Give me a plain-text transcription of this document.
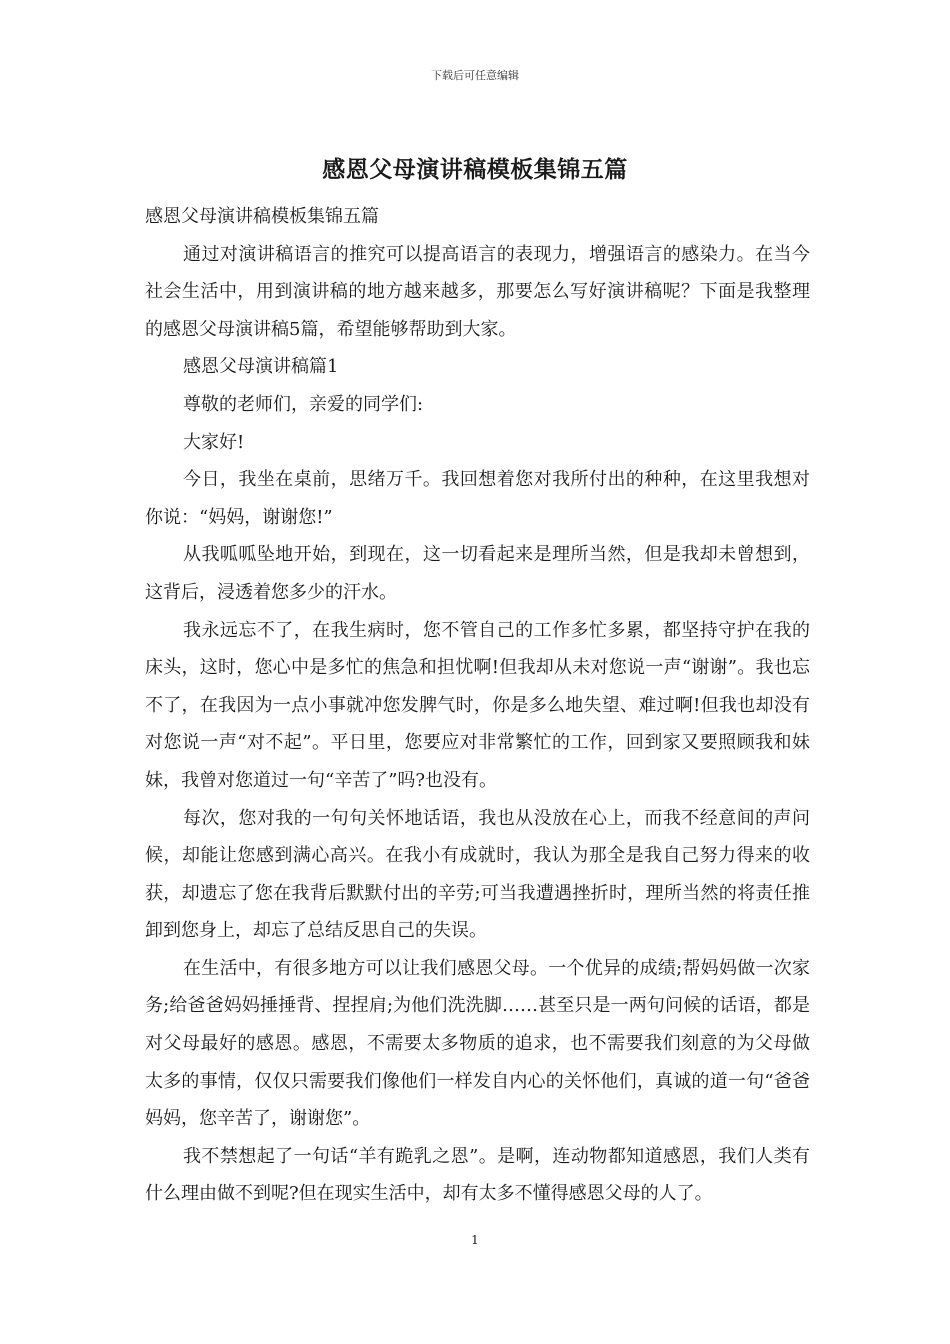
下载后可任意编辑
感恩父母演讲稿模板集锦五篇

感恩父母演讲稿模板集锦五篇

通过对演讲稿语言的推究可以提高语言的表现力，增强语言的感染力。在当今社会生活中，用到演讲稿的地方越来越多，那要怎么写好演讲稿呢？下面是我整理的感恩父母演讲稿5篇，希望能够帮助到大家。

感恩父母演讲稿篇1

尊敬的老师们，亲爱的同学们:

大家好!

今日，我坐在桌前，思绪万千。我回想着您对我所付出的种种，在这里我想对你说：“妈妈，谢谢您!”

从我呱呱坠地开始，到现在，这一切看起来是理所当然，但是我却未曾想到，这背后，浸透着您多少的汗水。

我永远忘不了，在我生病时，您不管自己的工作多忙多累，都坚持守护在我的床头，这时，您心中是多忙的焦急和担忧啊!但我却从未对您说一声“谢谢”。我也忘不了，在我因为一点小事就冲您发脾气时，你是多么地失望、难过啊!但我也却没有对您说一声“对不起”。平日里，您要应对非常繁忙的工作，回到家又要照顾我和妹妹，我曾对您道过一句“辛苦了”吗?也没有。

每次，您对我的一句句关怀地话语，我也从没放在心上，而我不经意间的声问候，却能让您感到满心高兴。在我小有成就时，我认为那全是我自己努力得来的收获，却遗忘了您在我背后默默付出的辛劳;可当我遭遇挫折时，理所当然的将责任推卸到您身上，却忘了总结反思自己的失误。

在生活中，有很多地方可以让我们感恩父母。一个优异的成绩;帮妈妈做一次家务;给爸爸妈妈捶捶背、捏捏肩;为他们洗洗脚……甚至只是一两句问候的话语，都是对父母最好的感恩。感恩，不需要太多物质的追求，也不需要我们刻意的为父母做太多的事情，仅仅只需要我们像他们一样发自内心的关怀他们，真诚的道一句“爸爸妈妈，您辛苦了，谢谢您”。

我不禁想起了一句话“羊有跪乳之恩”。是啊，连动物都知道感恩，我们人类有什么理由做不到呢?但在现实生活中，却有太多不懂得感恩父母的人了。

1
